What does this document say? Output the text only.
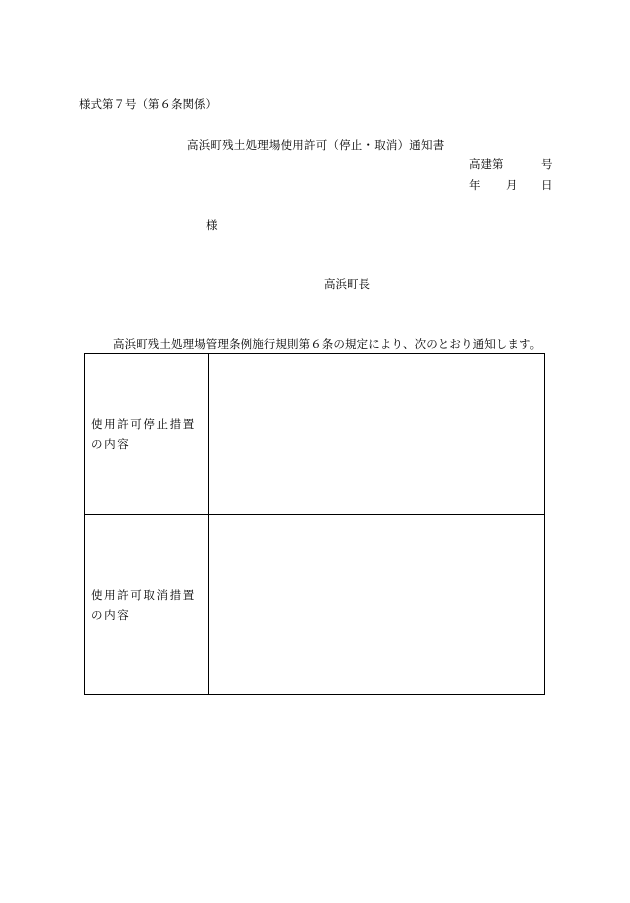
様式第７号（第６条関係）
高浜町残土処理場使用許可（停止・取消）通知書
高建第	号
年 月 日
様
高浜町長
高浜町残土処理場管理条例施行規則第６条の規定により、次のとおり通知します。
使用許可停止措置
の内容	

使用許可取消措置
の内容	
